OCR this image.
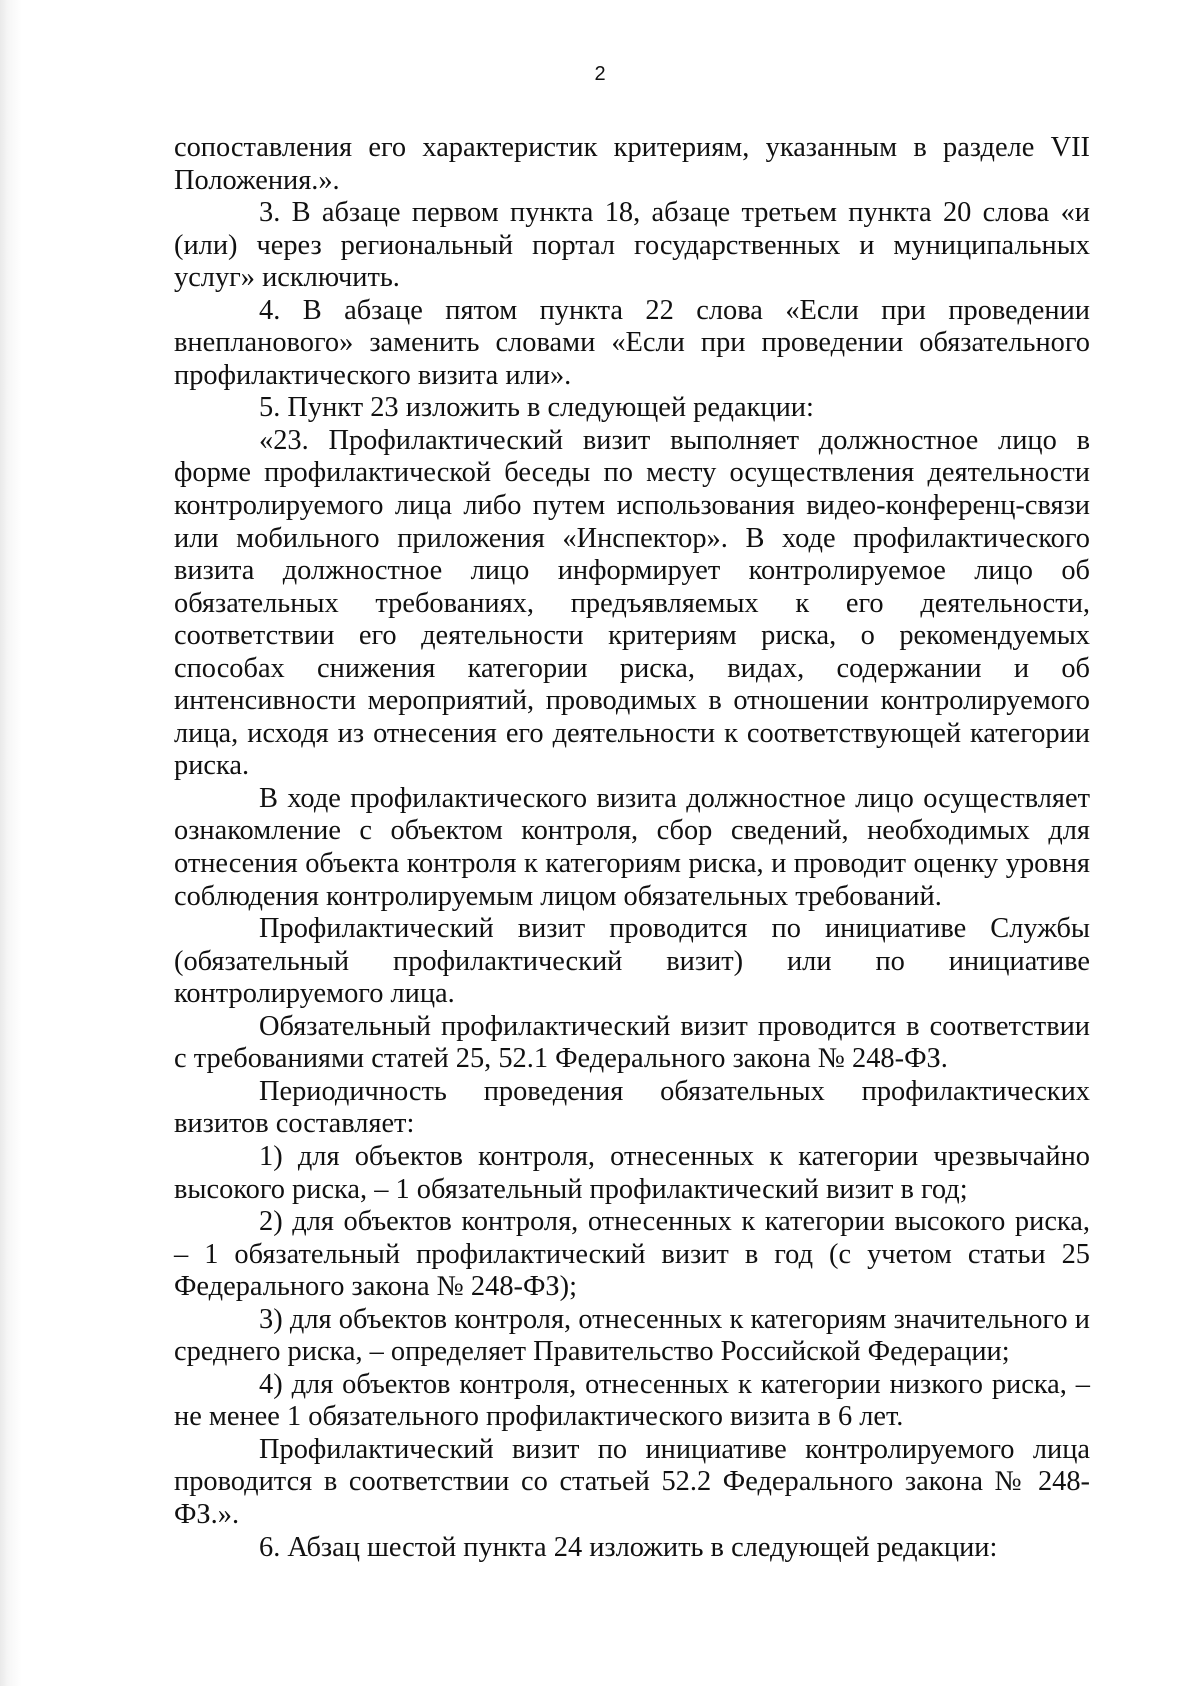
2

сопоставления его характеристик критериям, указанным в разделе VII Положения.».

3. В абзаце первом пункта 18, абзаце третьем пункта 20 слова «и (или) через региональный портал государственных и муниципальных услуг» исключить.

4. В абзаце пятом пункта 22 слова «Если при проведении внепланового» заменить словами «Если при проведении обязательного профилактического визита или».

5. Пункт 23 изложить в следующей редакции:

«23. Профилактический визит выполняет должностное лицо в форме профилактической беседы по месту осуществления деятельности контролируемого лица либо путем использования видео-конференц-связи или мобильного приложения «Инспектор». В ходе профилактического визита должностное лицо информирует контролируемое лицо об обязательных требованиях, предъявляемых к его деятельности, соответствии его деятельности критериям риска, о рекомендуемых способах снижения категории риска, видах, содержании и об интенсивности мероприятий, проводимых в отношении контролируемого лица, исходя из отнесения его деятельности к соответствующей категории риска.

В ходе профилактического визита должностное лицо осуществляет ознакомление с объектом контроля, сбор сведений, необходимых для отнесения объекта контроля к категориям риска, и проводит оценку уровня соблюдения контролируемым лицом обязательных требований.

Профилактический визит проводится по инициативе Службы (обязательный профилактический визит) или по инициативе контролируемого лица.

Обязательный профилактический визит проводится в соответствии с требованиями статей 25, 52.1 Федерального закона № 248-ФЗ.

Периодичность проведения обязательных профилактических визитов составляет:

1) для объектов контроля, отнесенных к категории чрезвычайно высокого риска, – 1 обязательный профилактический визит в год;

2) для объектов контроля, отнесенных к категории высокого риска, – 1 обязательный профилактический визит в год (с учетом статьи 25 Федерального закона № 248-ФЗ);

3) для объектов контроля, отнесенных к категориям значительного и среднего риска, – определяет Правительство Российской Федерации;

4) для объектов контроля, отнесенных к категории низкого риска, – не менее 1 обязательного профилактического визита в 6 лет.

Профилактический визит по инициативе контролируемого лица проводится в соответствии со статьей 52.2 Федерального закона № 248-ФЗ.».

6. Абзац шестой пункта 24 изложить в следующей редакции:
